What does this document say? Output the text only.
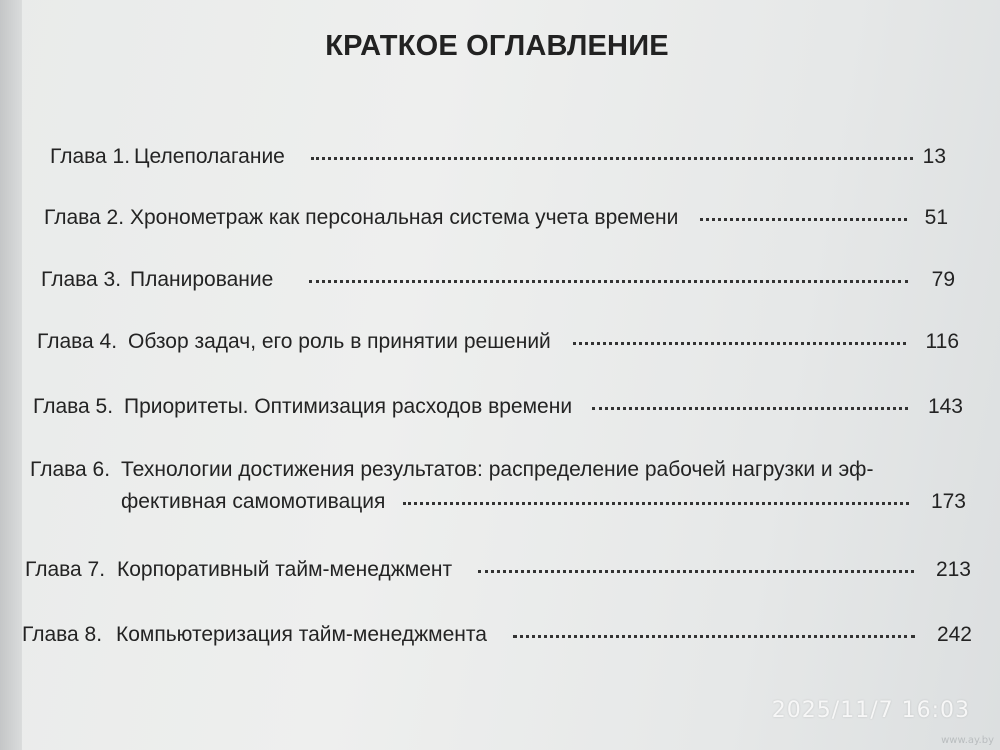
КРАТКОЕ ОГЛАВЛЕНИЕ
Глава 1. Целеполагание	13
Глава 2. Хронометраж как персональная система учета времени	51
Глава 3. Планирование	79
Глава 4. Обзор задач, его роль в принятии решений	116
Глава 5. Приоритеты. Оптимизация расходов времени	143
Глава 6. Технологии достижения результатов: распределение рабочей нагрузки и эф-
фективная самомотивация	173
Глава 7. Корпоративный тайм-менеджмент	213
Глава 8. Компьютеризация тайм-менеджмента	242
2025/11/7 16:03
www.ay.by
